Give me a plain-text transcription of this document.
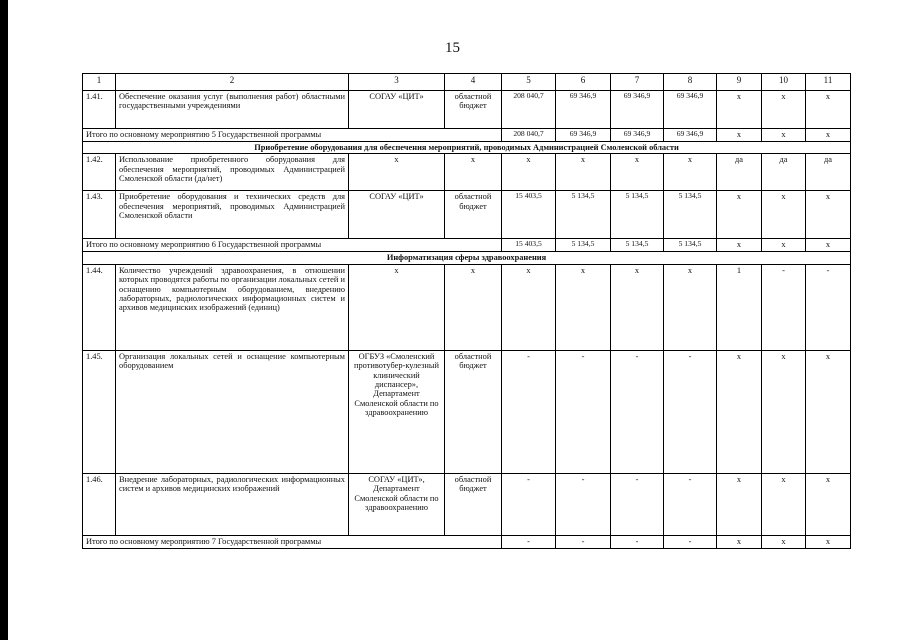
15
1	2	3	4	5	6	7	8	9	10	11
1.41.	Обеспечение оказания услуг (выполнения работ) областными государственными учреждениями	СОГАУ «ЦИТ»	областной бюджет	208 040,7	69 346,9	69 346,9	69 346,9	x	x	x
Итого по основному мероприятию 5 Государственной программы				208 040,7	69 346,9	69 346,9	69 346,9	x	x	x
Приобретение оборудования для обеспечения мероприятий, проводимых Администрацией Смоленской области										
1.42.	Использование приобретенного оборудования для обеспечения мероприятий, проводимых Администрацией Смоленской области (да/нет)	x	x	x	x	x	x	да	да	да
1.43.	Приобретение оборудования и технических средств для обеспечения мероприятий, проводимых Администрацией Смоленской области	СОГАУ «ЦИТ»	областной бюджет	15 403,5	5 134,5	5 134,5	5 134,5	x	x	x
Итого по основному мероприятию 6 Государственной программы				15 403,5	5 134,5	5 134,5	5 134,5	x	x	x
Информатизация сферы здравоохранения										
1.44.	Количество учреждений здравоохранения, в отношении которых проводятся работы по организации локальных сетей и оснащению компьютерным оборудованием, внедрению лабораторных, радиологических информационных систем и архивов медицинских изображений (единиц)	x	x	x	x	x	x	1	-	-
1.45.	Организация локальных сетей и оснащение компьютерным оборудованием	ОГБУЗ «Смоленский противотубер-кулезный клинический диспансер», Департамент Смоленской области по здравоохранению	областной бюджет	-	-	-	-	x	x	x
1.46.	Внедрение лабораторных, радиологических информационных систем и архивов медицинских изображений	СОГАУ «ЦИТ», Департамент Смоленской области по здравоохранению	областной бюджет	-	-	-	-	x	x	x
Итого по основному мероприятию 7 Государственной программы				-	-	-	-	x	x	x
